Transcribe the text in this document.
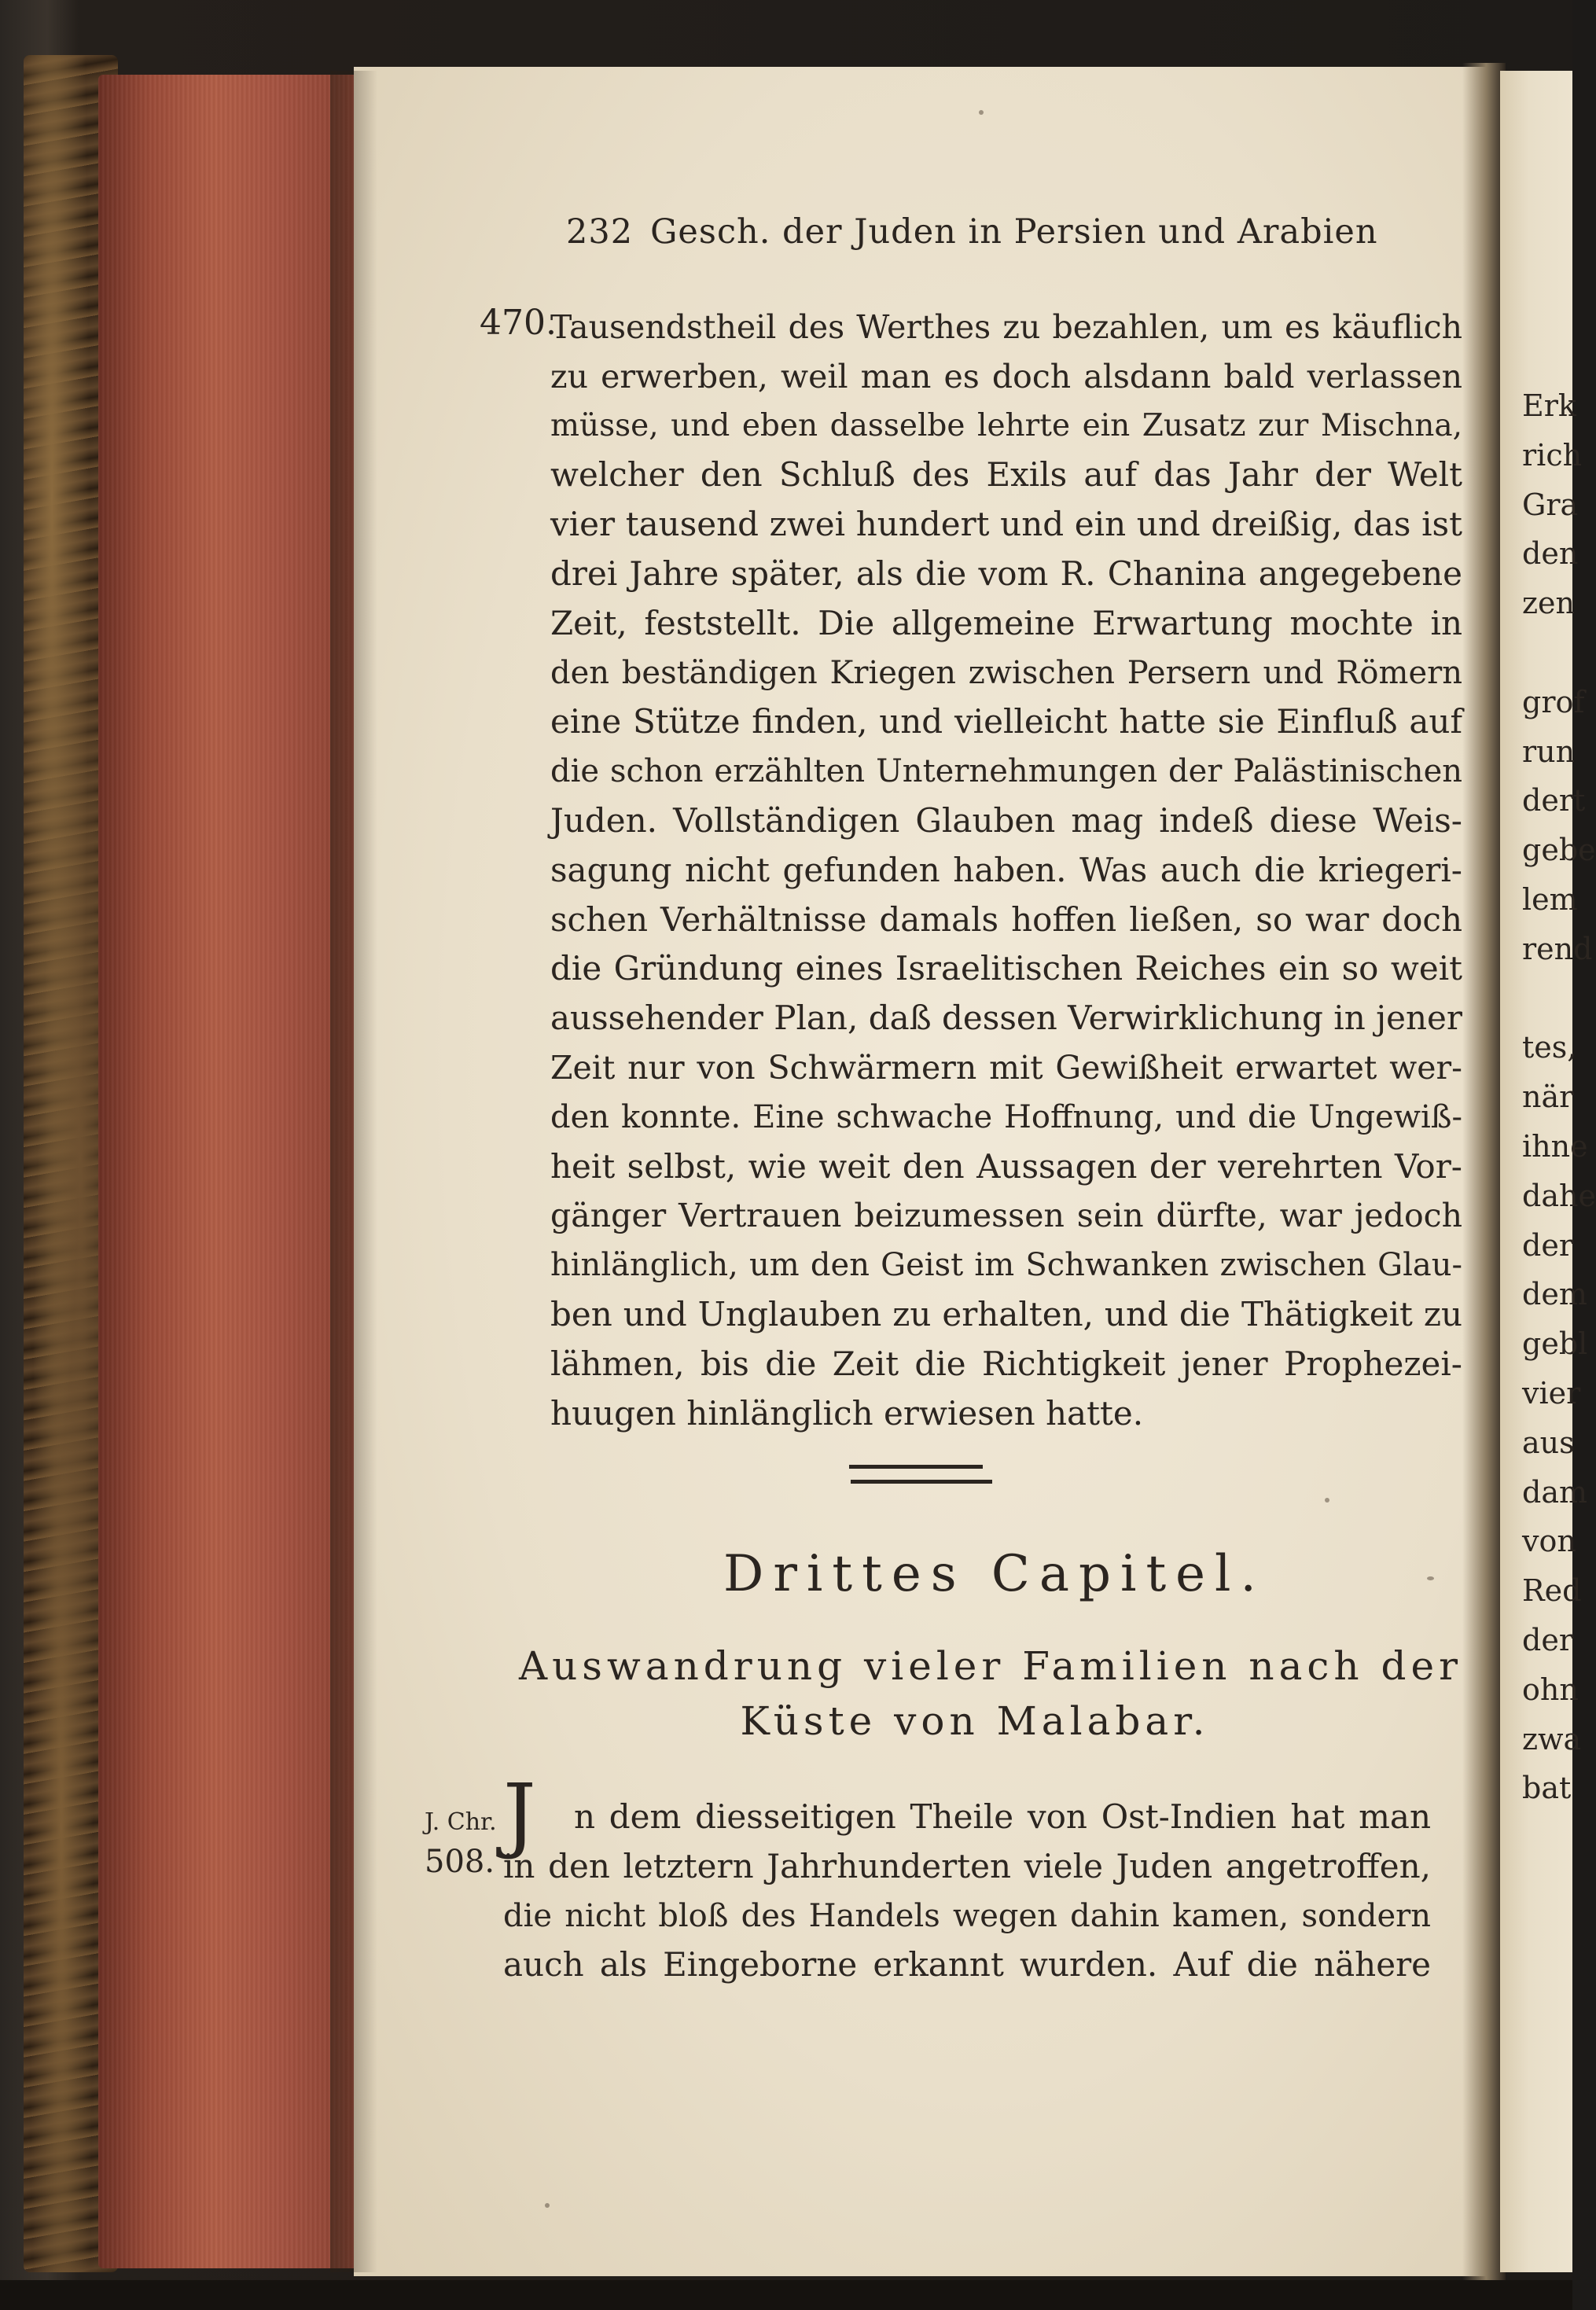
Erk
rich
Gra
den
zen
grof
run
dert
gebe
lem
rend
tes,
när
ihne
dahe
der
dem
gebl
vier
aus
dam
von
Red
der
ohn
zwa
bat
232 Gesch. der Juden in Persien und Arabien
470.
Tausendstheil des Werthes zu bezahlen, um es käuflich
zu erwerben, weil man es doch alsdann bald verlassen
müsse, und eben dasselbe lehrte ein Zusatz zur Mischna,
welcher den Schluß des Exils auf das Jahr der Welt
vier tausend zwei hundert und ein und dreißig, das ist
drei Jahre später, als die vom R. Chanina angegebene
Zeit, feststellt. Die allgemeine Erwartung mochte in
den beständigen Kriegen zwischen Persern und Römern
eine Stütze finden, und vielleicht hatte sie Einfluß auf
die schon erzählten Unternehmungen der Palästinischen
Juden. Vollständigen Glauben mag indeß diese Weis-
sagung nicht gefunden haben. Was auch die kriegeri-
schen Verhältnisse damals hoffen ließen, so war doch
die Gründung eines Israelitischen Reiches ein so weit
aussehender Plan, daß dessen Verwirklichung in jener
Zeit nur von Schwärmern mit Gewißheit erwartet wer-
den konnte. Eine schwache Hoffnung, und die Ungewiß-
heit selbst, wie weit den Aussagen der verehrten Vor-
gänger Vertrauen beizumessen sein dürfte, war jedoch
hinlänglich, um den Geist im Schwanken zwischen Glau-
ben und Unglauben zu erhalten, und die Thätigkeit zu
lähmen, bis die Zeit die Richtigkeit jener Prophezei-
huugen hinlänglich erwiesen hatte.
Drittes Capitel.
Auswandrung vieler Familien nach der
Küste von Malabar.
J. Chr.
508. J	n dem diesseitigen Theile von Ost-Indien hat man
in den letztern Jahrhunderten viele Juden angetroffen,
die nicht bloß des Handels wegen dahin kamen, sondern
auch als Eingeborne erkannt wurden. Auf die nähere
